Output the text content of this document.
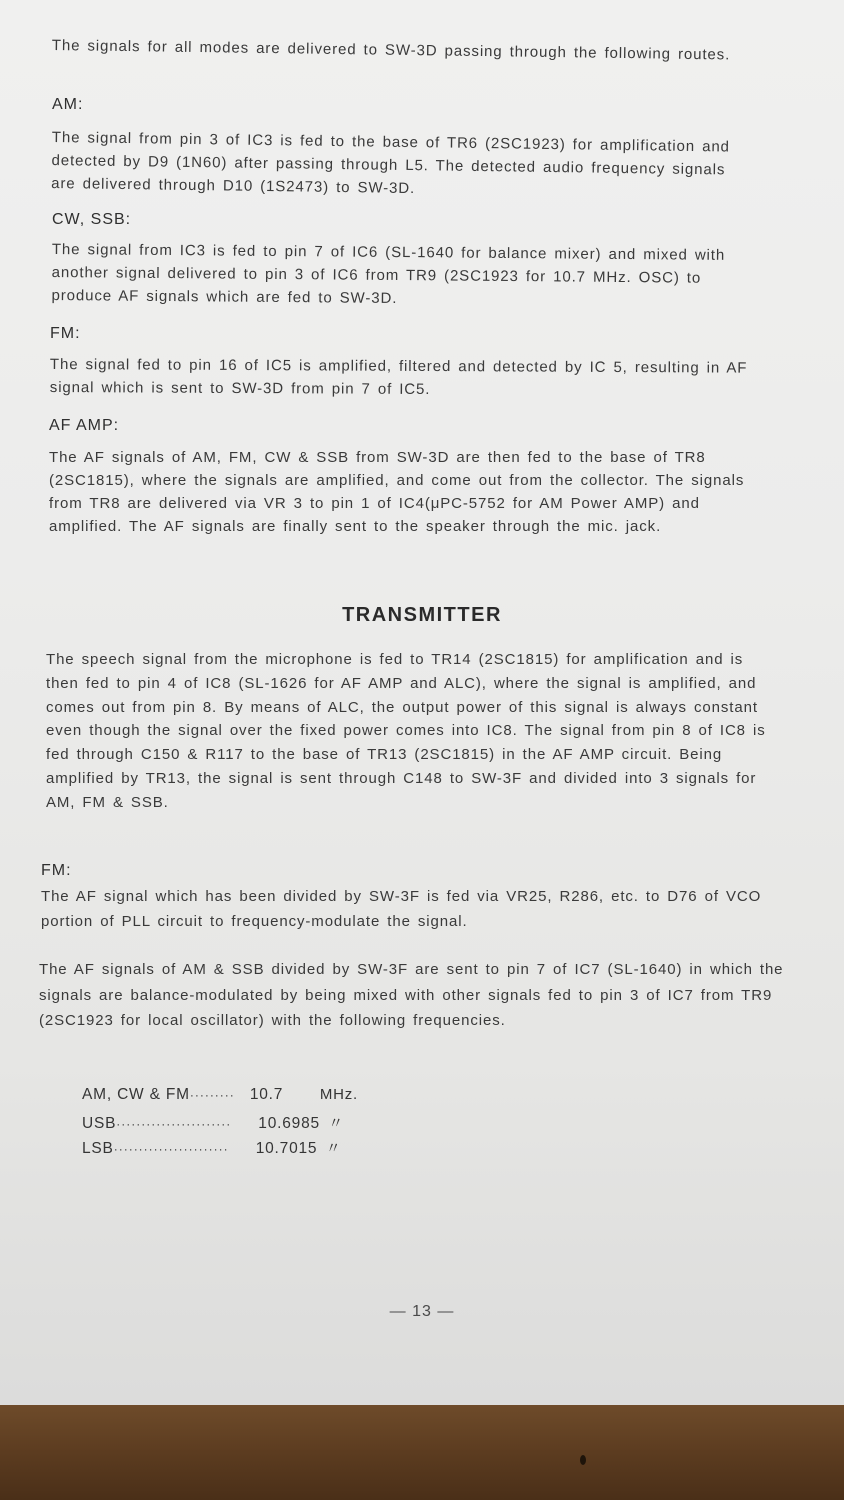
The signals for all modes are delivered to SW-3D passing through the following routes.

AM:

The signal from pin 3 of IC3 is fed to the base of TR6 (2SC1923) for amplification and detected by D9 (1N60) after passing through L5. The detected audio frequency signals are delivered through D10 (1S2473) to SW-3D.

CW, SSB:

The signal from IC3 is fed to pin 7 of IC6 (SL-1640 for balance mixer) and mixed with another signal delivered to pin 3 of IC6 from TR9 (2SC1923 for 10.7 MHz. OSC) to produce AF signals which are fed to SW-3D.

FM:

The signal fed to pin 16 of IC5 is amplified, filtered and detected by IC 5, resulting in AF signal which is sent to SW-3D from pin 7 of IC5.

AF AMP:

The AF signals of AM, FM, CW & SSB from SW-3D are then fed to the base of TR8 (2SC1815), where the signals are amplified, and come out from the collector. The signals from TR8 are delivered via VR 3 to pin 1 of IC4(μPC-5752 for AM Power AMP) and amplified. The AF signals are finally sent to the speaker through the mic. jack.

TRANSMITTER

The speech signal from the microphone is fed to TR14 (2SC1815) for amplification and is then fed to pin 4 of IC8 (SL-1626 for AF AMP and ALC), where the signal is amplified, and comes out from pin 8. By means of ALC, the output power of this signal is always constant even though the signal over the fixed power comes into IC8. The signal from pin 8 of IC8 is fed through C150 & R117 to the base of TR13 (2SC1815) in the AF AMP circuit. Being amplified by TR13, the signal is sent through C148 to SW-3F and divided into 3 signals for AM, FM & SSB.

FM:

The AF signal which has been divided by SW-3F is fed via VR25, R286, etc. to D76 of VCO portion of PLL circuit to frequency-modulate the signal.

The AF signals of AM & SSB divided by SW-3F are sent to pin 7 of IC7 (SL-1640) in which the signals are balance-modulated by being mixed with other signals fed to pin 3 of IC7 from TR9 (2SC1923 for local oscillator) with the following frequencies.

AM, CW & FM ········· 10.7	MHz.
USB ·······················	10.6985 〃
LSB ·······················	10.7015 〃

— 13 —
